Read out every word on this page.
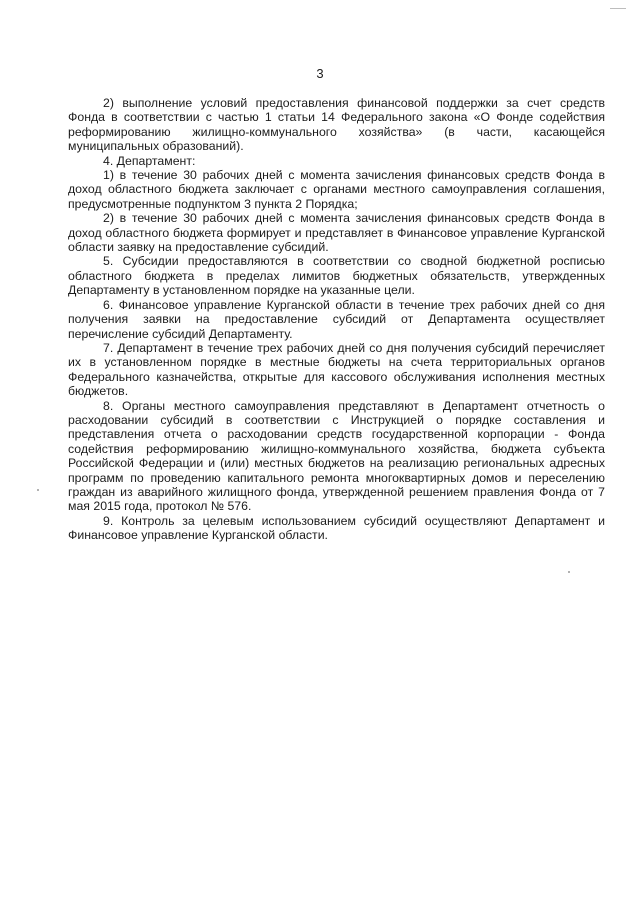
3

2) выполнение условий предоставления финансовой поддержки за счет средств Фонда в соответствии с частью 1 статьи 14 Федерального закона «О Фонде содействия реформированию жилищно-коммунального хозяйства» (в части, касающейся муниципальных образований).

4. Департамент:

1) в течение 30 рабочих дней с момента зачисления финансовых средств Фонда в доход областного бюджета заключает с органами местного самоуправления соглашения, предусмотренные подпунктом 3 пункта 2 Порядка;

2) в течение 30 рабочих дней с момента зачисления финансовых средств Фонда в доход областного бюджета формирует и представляет в Финансовое управление Курганской области заявку на предоставление субсидий.

5. Субсидии предоставляются в соответствии со сводной бюджетной росписью областного бюджета в пределах лимитов бюджетных обязательств, утвержденных Департаменту в установленном порядке на указанные цели.

6. Финансовое управление Курганской области в течение трех рабочих дней со дня получения заявки на предоставление субсидий от Департамента осуществляет перечисление субсидий Департаменту.

7. Департамент в течение трех рабочих дней со дня получения субсидий перечисляет их в установленном порядке в местные бюджеты на счета территориальных органов Федерального казначейства, открытые для кассового обслуживания исполнения местных бюджетов.

8. Органы местного самоуправления представляют в Департамент отчетность о расходовании субсидий в соответствии с Инструкцией о порядке составления и представления отчета о расходовании средств государственной корпорации - Фонда содействия реформированию жилищно-коммунального хозяйства, бюджета субъекта Российской Федерации и (или) местных бюджетов на реализацию региональных адресных программ по проведению капитального ремонта многоквартирных домов и переселению граждан из аварийного жилищного фонда, утвержденной решением правления Фонда от 7 мая 2015 года, протокол № 576.

9. Контроль за целевым использованием субсидий осуществляют Департамент и Финансовое управление Курганской области.
